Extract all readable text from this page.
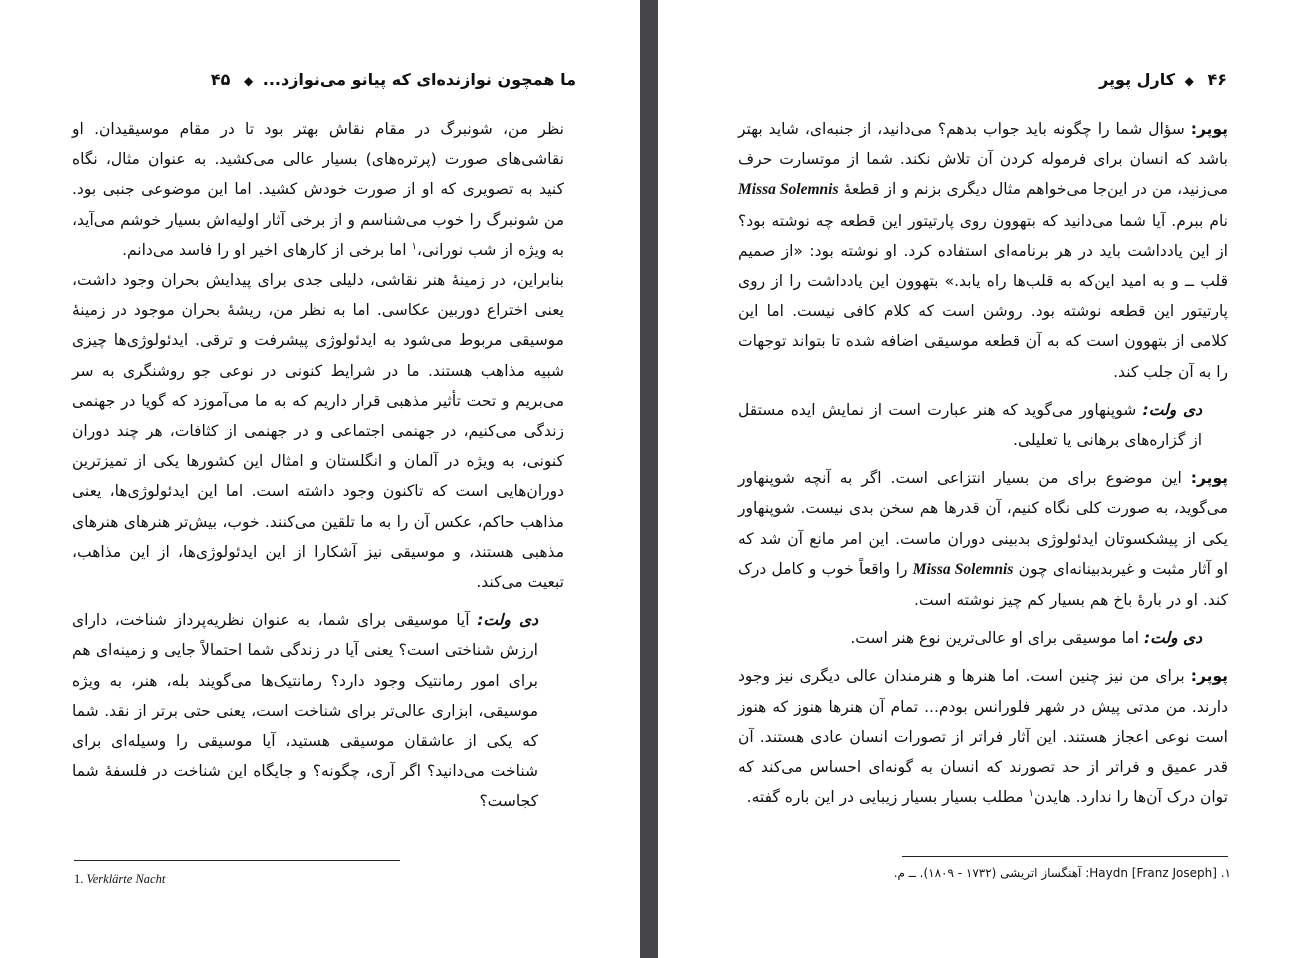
ما همچون نوازنده‌ای که پیانو می‌نوازد... ◆ ۴۵
نظر من، شونبرگ در مقام نقاش بهتر بود تا در مقام موسیقیدان. او نقاشی‌های صورت (پرتره‌های) بسیار عالی می‌کشید. به عنوان مثال، نگاه کنید به تصویری که او از صورت خودش کشید. اما این موضوعی جنبی بود. من شونبرگ را خوب می‌شناسم و از برخی آثار اولیه‌اش بسیار خوشم می‌آید، به ویژه از شب نورانی،$^۱$ اما برخی از کارهای اخیر او را فاسد می‌دانم.
بنابراین، در زمینهٔ هنر نقاشی، دلیلی جدی برای پیدایش بحران وجود داشت، یعنی اختراع دوربین عکاسی. اما به نظر من، ریشهٔ بحران موجود در زمینهٔ موسیقی مربوط می‌شود به ایدئولوژی پیشرفت و ترقی. ایدئولوژی‌ها چیزی شبیه مذاهب هستند. ما در شرایط کنونی در نوعی جو روشنگری به سر می‌بریم و تحت تأثیر مذهبی قرار داریم که به ما می‌آموزد که گویا در جهنمی زندگی می‌کنیم، در جهنمی اجتماعی و در جهنمی از کثافات، هر چند دوران کنونی، به ویژه در آلمان و انگلستان و امثال این کشورها یکی از تمیزترین دوران‌هایی است که تاکنون وجود داشته است. اما این ایدئولوژی‌ها، یعنی مذاهب حاکم، عکس آن را به ما تلقین می‌کنند. خوب، بیش‌تر هنرهای هنرهای مذهبی هستند، و موسیقی نیز آشکارا از این ایدئولوژی‌ها، از این مذاهب، تبعیت می‌کند.
دی ولت: آیا موسیقی برای شما، به عنوان نظریه‌پرداز شناخت، دارای ارزش شناختی است؟ یعنی آیا در زندگی شما احتمالاً جایی و زمینه‌ای هم برای امور رمانتیک وجود دارد؟ رمانتیک‌ها می‌گویند بله، هنر، به ویژه موسیقی، ابزاری عالی‌تر برای شناخت است، یعنی حتی برتر از نقد. شما که یکی از عاشقان موسیقی هستید، آیا موسیقی را وسیله‌ای برای شناخت می‌دانید؟ اگر آری، چگونه؟ و جایگاه این شناخت در فلسفهٔ شما کجاست؟
1. Verklärte Nacht
۴۶ ◆ کارل پوپر
پوپر: سؤال شما را چگونه باید جواب بدهم؟ می‌دانید، از جنبه‌ای، شاید بهتر باشد که انسان برای فرموله کردن آن تلاش نکند. شما از موتسارت حرف می‌زنید، من در این‌جا می‌خواهم مثال دیگری بزنم و از قطعهٔ Missa Solemnis نام ببرم. آیا شما می‌دانید که بتهوون روی پارتیتور این قطعه چه نوشته بود؟ از این یادداشت باید در هر برنامه‌ای استفاده کرد. او نوشته بود: «از صمیم قلب ــ و به امید این‌که به قلب‌ها راه یابد.» بتهوون این یادداشت را از روی پارتیتور این قطعه نوشته بود. روشن است که کلام کافی نیست. اما این کلامی از بتهوون است که به آن قطعه موسیقی اضافه شده تا بتواند توجهات را به آن جلب کند.
دی ولت: شوپنهاور می‌گوید که هنر عبارت است از نمایش ایده مستقل از گزاره‌های برهانی یا تعلیلی.
پوپر: این موضوع برای من بسیار انتزاعی است. اگر به آنچه شوپنهاور می‌گوید، به صورت کلی نگاه کنیم، آن قدرها هم سخن بدی نیست. شوپنهاور یکی از پیشکسوتان ایدئولوژی بدبینی دوران ماست. این امر مانع آن شد که او آثار مثبت و غیربدبینانه‌ای چون Missa Solemnis را واقعاً خوب و کامل درک کند. او در بارهٔ باخ هم بسیار کم چیز نوشته است.
دی ولت: اما موسیقی برای او عالی‌ترین نوع هنر است.
پوپر: برای من نیز چنین است. اما هنرها و هنرمندان عالی دیگری نیز وجود دارند. من مدتی پیش در شهر فلورانس بودم... تمام آن هنرها هنوز که هنوز است نوعی اعجاز هستند. این آثار فراتر از تصورات انسان عادی هستند. آن قدر عمیق و فراتر از حد تصورند که انسان به گونه‌ای احساس می‌کند که توان درک آن‌ها را ندارد. هایدن$^۱$ مطلب بسیار بسیار زیبایی در این باره گفته.
۱. Haydn [Franz Joseph]: آهنگساز اتریشی (۱۷۳۲ - ۱۸۰۹). ــ م.
